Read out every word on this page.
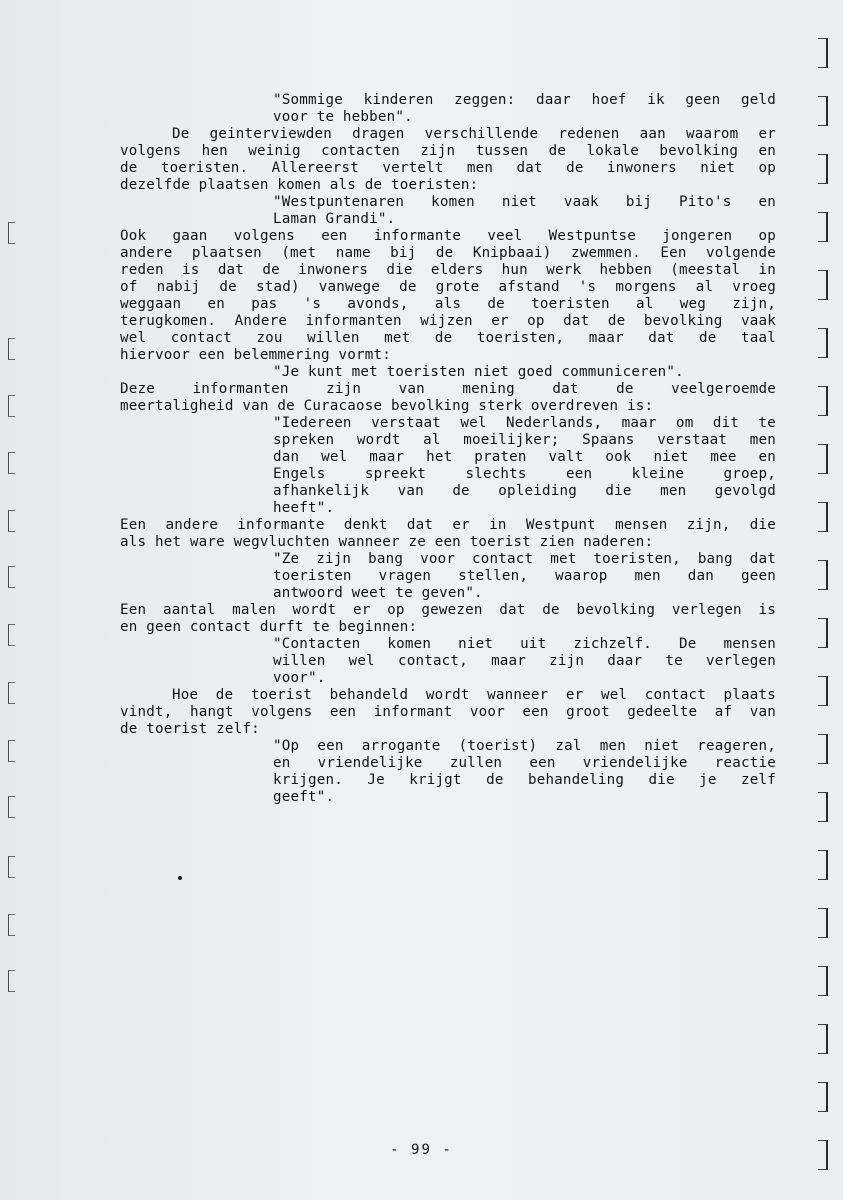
"Sommige kinderen zeggen: daar hoef ik geen geld
voor te hebben".
De geinterviewden dragen verschillende redenen aan waarom er
volgens hen weinig contacten zijn tussen de lokale bevolking en
de toeristen. Allereerst vertelt men dat de inwoners niet op
dezelfde plaatsen komen als de toeristen:
"Westpuntenaren komen niet vaak bij Pito's en
Laman Grandi".
Ook gaan volgens een informante veel Westpuntse jongeren op
andere plaatsen (met name bij de Knipbaai) zwemmen. Een volgende
reden is dat de inwoners die elders hun werk hebben (meestal in
of nabij de stad) vanwege de grote afstand 's morgens al vroeg
weggaan en pas 's avonds, als de toeristen al weg zijn,
terugkomen. Andere informanten wijzen er op dat de bevolking vaak
wel contact zou willen met de toeristen, maar dat de taal
hiervoor een belemmering vormt:
"Je kunt met toeristen niet goed communiceren".
Deze informanten zijn van mening dat de veelgeroemde
meertaligheid van de Curacaose bevolking sterk overdreven is:
"Iedereen verstaat wel Nederlands, maar om dit te
spreken wordt al moeilijker; Spaans verstaat men
dan wel maar het praten valt ook niet mee en
Engels spreekt slechts een kleine groep,
afhankelijk van de opleiding die men gevolgd
heeft".
Een andere informante denkt dat er in Westpunt mensen zijn, die
als het ware wegvluchten wanneer ze een toerist zien naderen:
"Ze zijn bang voor contact met toeristen, bang dat
toeristen vragen stellen, waarop men dan geen
antwoord weet te geven".
Een aantal malen wordt er op gewezen dat de bevolking verlegen is
en geen contact durft te beginnen:
"Contacten komen niet uit zichzelf. De mensen
willen wel contact, maar zijn daar te verlegen
voor".
Hoe de toerist behandeld wordt wanneer er wel contact plaats
vindt, hangt volgens een informant voor een groot gedeelte af van
de toerist zelf:
"Op een arrogante (toerist) zal men niet reageren,
en vriendelijke zullen een vriendelijke reactie
krijgen. Je krijgt de behandeling die je zelf
geeft".
- 99 -
